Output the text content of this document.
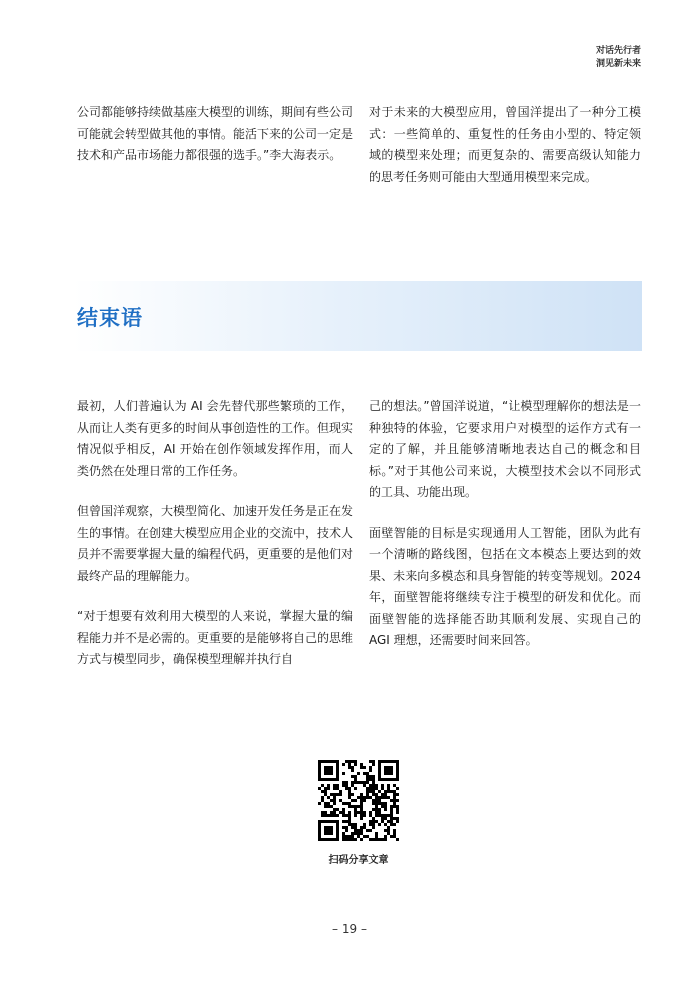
对话先行者
洞见新未来

公司都能够持续做基座大模型的训练，期间有些公司可能就会转型做其他的事情。能活下来的公司一定是技术和产品市场能力都很强的选手。”李大海表示。

对于未来的大模型应用，曾国洋提出了一种分工模式：一些简单的、重复性的任务由小型的、特定领域的模型来处理；而更复杂的、需要高级认知能力的思考任务则可能由大型通用模型来完成。

结束语

最初，人们普遍认为 AI 会先替代那些繁琐的工作，从而让人类有更多的时间从事创造性的工作。但现实情况似乎相反，AI 开始在创作领域发挥作用，而人类仍然在处理日常的工作任务。

但曾国洋观察，大模型简化、加速开发任务是正在发生的事情。在创建大模型应用企业的交流中，技术人员并不需要掌握大量的编程代码，更重要的是他们对最终产品的理解能力。

“对于想要有效利用大模型的人来说，掌握大量的编程能力并不是必需的。更重要的是能够将自己的思维方式与模型同步，确保模型理解并执行自

己的想法。”曾国洋说道，“让模型理解你的想法是一种独特的体验，它要求用户对模型的运作方式有一定的了解，并且能够清晰地表达自己的概念和目标。”对于其他公司来说，大模型技术会以不同形式的工具、功能出现。

面壁智能的目标是实现通用人工智能，团队为此有一个清晰的路线图，包括在文本模态上要达到的效果、未来向多模态和具身智能的转变等规划。2024 年，面壁智能将继续专注于模型的研发和优化。而面壁智能的选择能否助其顺利发展、实现自己的 AGI 理想，还需要时间来回答。

扫码分享文章
– 19 –
